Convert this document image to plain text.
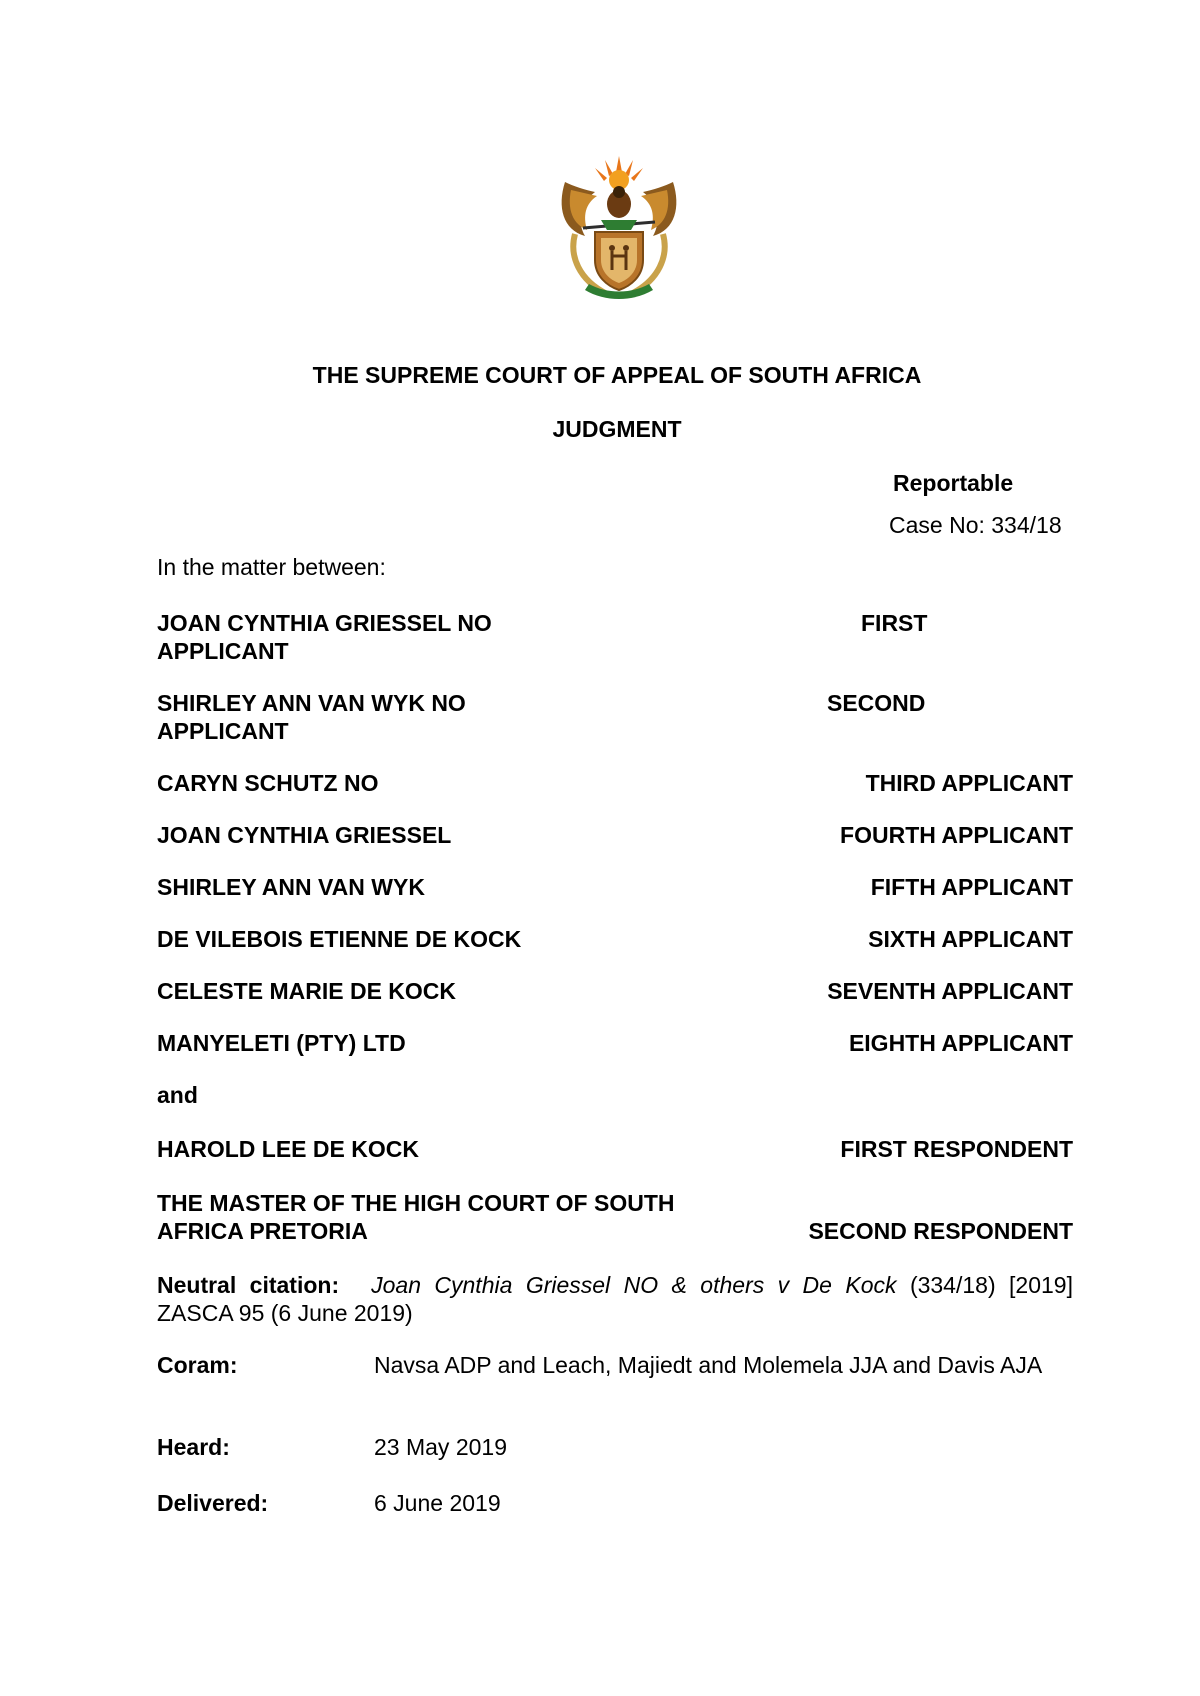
THE SUPREME COURT OF APPEAL OF SOUTH AFRICA
JUDGMENT
Reportable
Case No: 334/18
In the matter between:
JOAN CYNTHIA GRIESSEL NO	FIRST
APPLICANT
SHIRLEY ANN VAN WYK NO	SECOND
APPLICANT
CARYN SCHUTZ NO	THIRD APPLICANT
JOAN CYNTHIA GRIESSEL	FOURTH APPLICANT
SHIRLEY ANN VAN WYK	FIFTH APPLICANT
DE VILEBOIS ETIENNE DE KOCK	SIXTH APPLICANT
CELESTE MARIE DE KOCK	SEVENTH APPLICANT
MANYELETI (PTY) LTD	EIGHTH APPLICANT
and
HAROLD LEE DE KOCK	FIRST RESPONDENT
THE MASTER OF THE HIGH COURT OF SOUTH
AFRICA PRETORIA	SECOND RESPONDENT
Neutral citation: Joan Cynthia Griessel NO & others v De Kock (334/18) [2019] ZASCA 95 (6 June 2019)
Coram:	Navsa ADP and Leach, Majiedt and Molemela JJA and Davis AJA
Heard:	23 May 2019
Delivered:	6 June 2019
